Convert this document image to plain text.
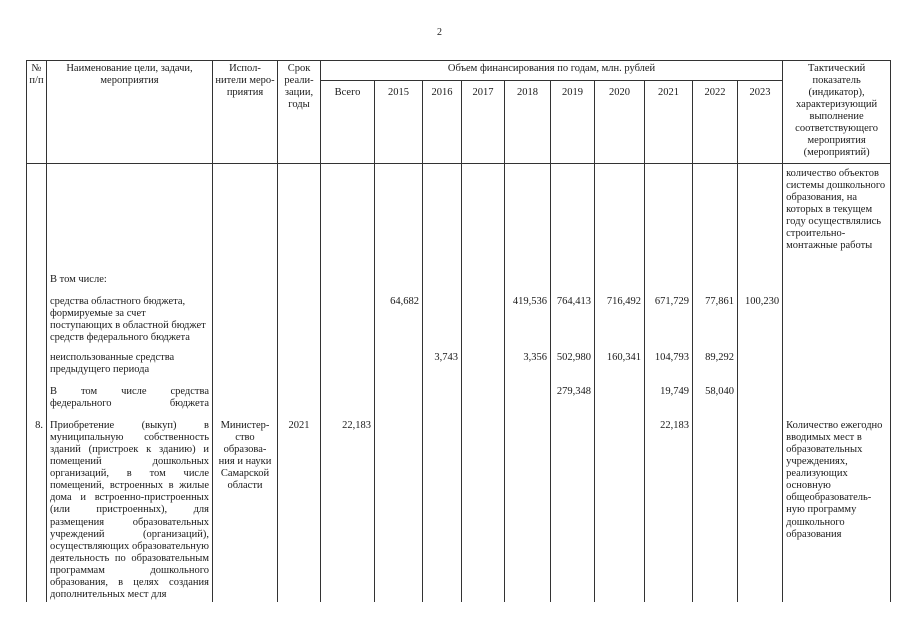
2
№ п/п	Наименование цели, задачи, мероприятия	Испол-нители меро-приятия	Срок реали-зации, годы	Объем финансирования по годам, млн. рублей										Тактический показатель (индикатор), характеризующий выполнение соответствующего мероприятия (мероприятий)
				Всего	2015	2016	2017	2018	2019	2020	2021	2022	2023	
														количество объектов системы дошкольного образования, на которых в текущем году осуществлялись строительно-монтажные работы
	В том числе:													
	средства областного бюджета, формируемые за счет поступающих в областной бюджет средств федерального бюджета				64,682			419,536	764,413	716,492	671,729	77,861	100,230	
	неиспользованные средства предыдущего периода					3,743		3,356	502,980	160,341	104,793	89,292		
	В том числе средства федерального бюджета								279,348		19,749	58,040		
8.	Приобретение (выкуп) в муниципальную собственность зданий (пристроек к зданию) и помещений дошкольных организаций, в том числе помещений, встроенных в жилые дома и встроенно-пристроенных (или пристроенных), для размещения образовательных учреждений (организаций), осуществляющих образовательную деятельность по образовательным программам дошкольного образования, в целях создания дополнительных мест для	Министер-ство образова-ния и науки Самарской области	2021	22,183							22,183			Количество ежегодно вводимых мест в образовательных учреждениях, реализующих основную общеобразователь-ную программу дошкольного образования
